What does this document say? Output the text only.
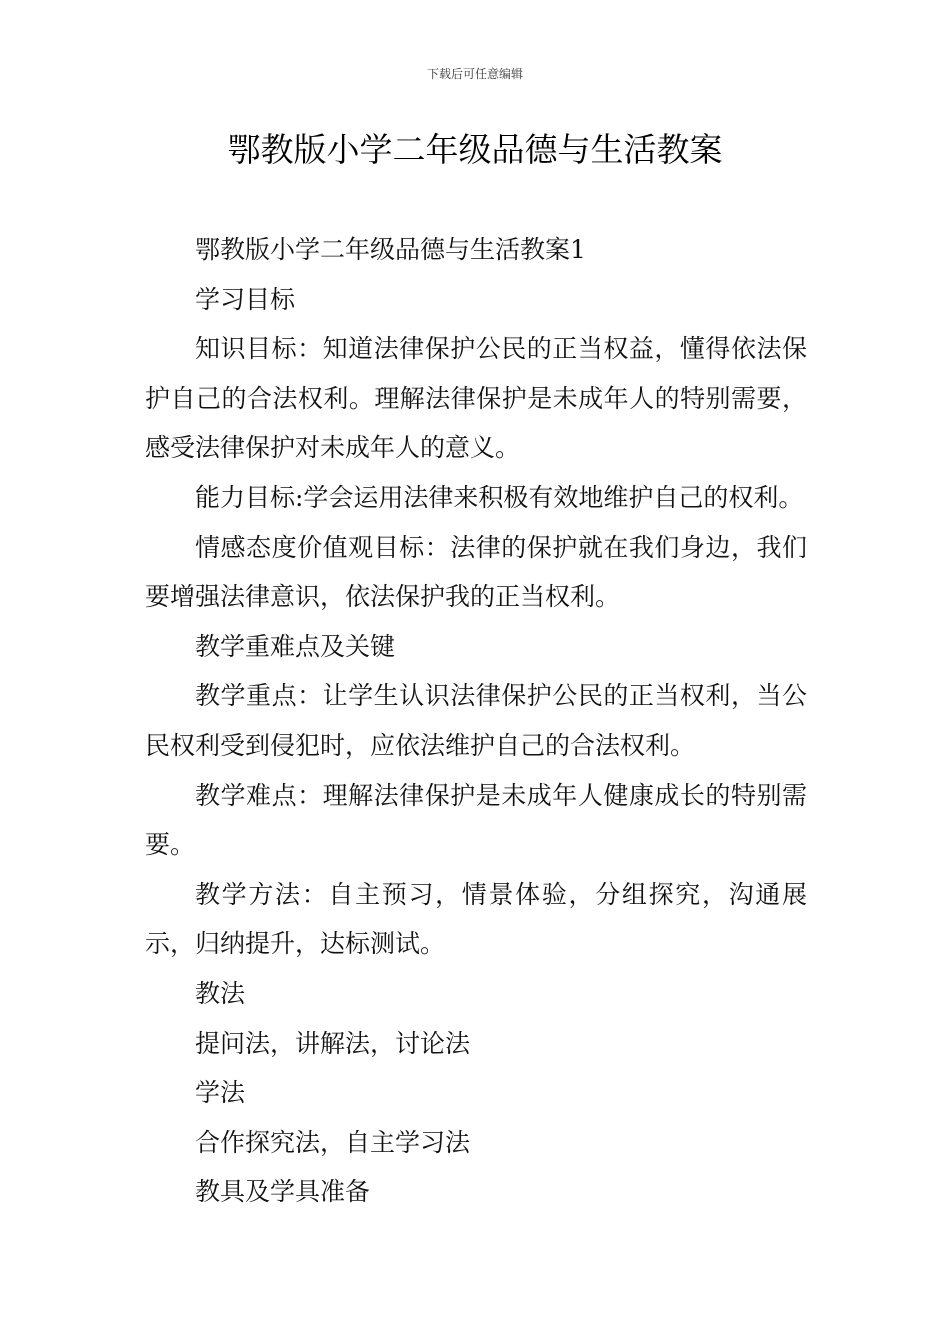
下载后可任意编辑
鄂教版小学二年级品德与生活教案

鄂教版小学二年级品德与生活教案1

学习目标

知识目标：知道法律保护公民的正当权益，懂得依法保护自己的合法权利。理解法律保护是未成年人的特别需要，感受法律保护对未成年人的意义。

能力目标:学会运用法律来积极有效地维护自己的权利。

情感态度价值观目标：法律的保护就在我们身边，我们要增强法律意识，依法保护我的正当权利。

教学重难点及关键

教学重点：让学生认识法律保护公民的正当权利，当公民权利受到侵犯时，应依法维护自己的合法权利。

教学难点：理解法律保护是未成年人健康成长的特别需要。

教学方法：自主预习，情景体验，分组探究，沟通展示，归纳提升，达标测试。

教法

提问法，讲解法，讨论法

学法

合作探究法，自主学习法

教具及学具准备
